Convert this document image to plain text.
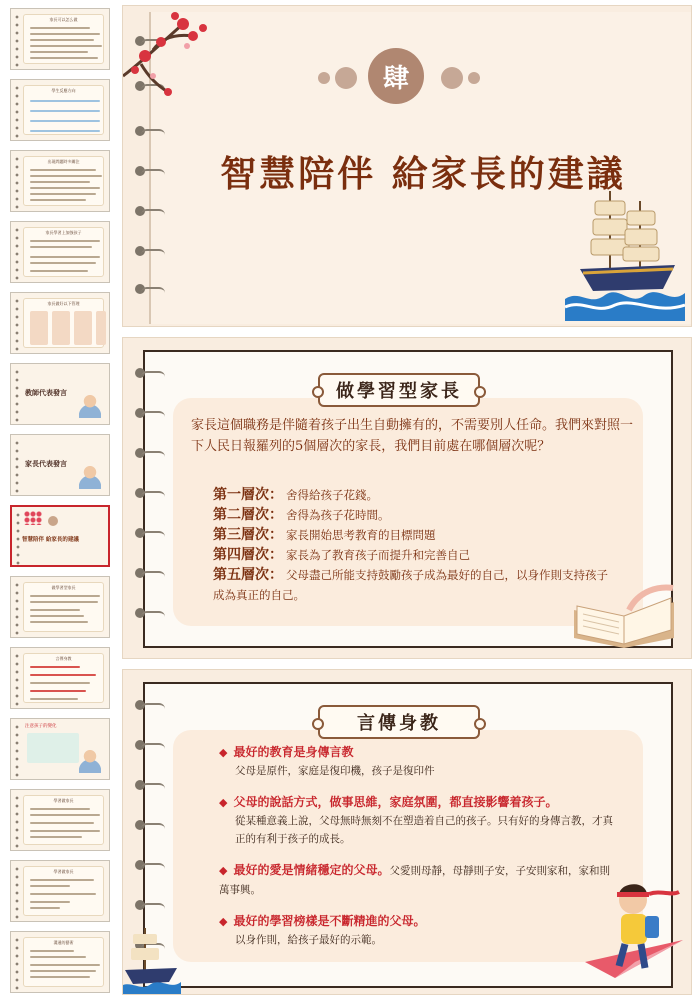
家長可以怎么做
學生反應方向
出現問題時多關注
家長學習上加強孩子
家長做好以下管理
教師代表發言
家長代表發言
智慧陪伴 給家長的建議
做學習型家長
言傳身教
注意孩子的變化
學習做家長
學習做家長
溝通的藝術
肆
智慧陪伴 給家長的建議
做學習型家長
家長這個職務是伴隨着孩子出生自動擁有的，不需要別人任命。我們來對照一下人民日報羅列的5個層次的家長，我們目前處在哪個層次呢？
第一層次： 舍得給孩子花錢。
第二層次： 舍得為孩子花時間。
第三層次： 家長開始思考教育的目標問題
第四層次： 家長為了教育孩子而提升和完善自己
第五層次： 父母盡己所能支持鼓勵孩子成為最好的自己，以身作則支持孩子成為真正的自己。
言傳身教
◆ 最好的教育是身傳言教
父母是原件，家庭是復印機，孩子是復印件
◆ 父母的說話方式，做事思維，家庭氛圍，都直接影響着孩子。
從某種意義上說，父母無時無刻不在塑造着自己的孩子。只有好的身傳言教，才真正的有利于孩子的成長。
◆ 最好的愛是情緒穩定的父母。父愛則母靜，母靜則子安，子安則家和，家和則萬事興。
◆ 最好的學習榜樣是不斷精進的父母。
以身作則，給孩子最好的示範。
